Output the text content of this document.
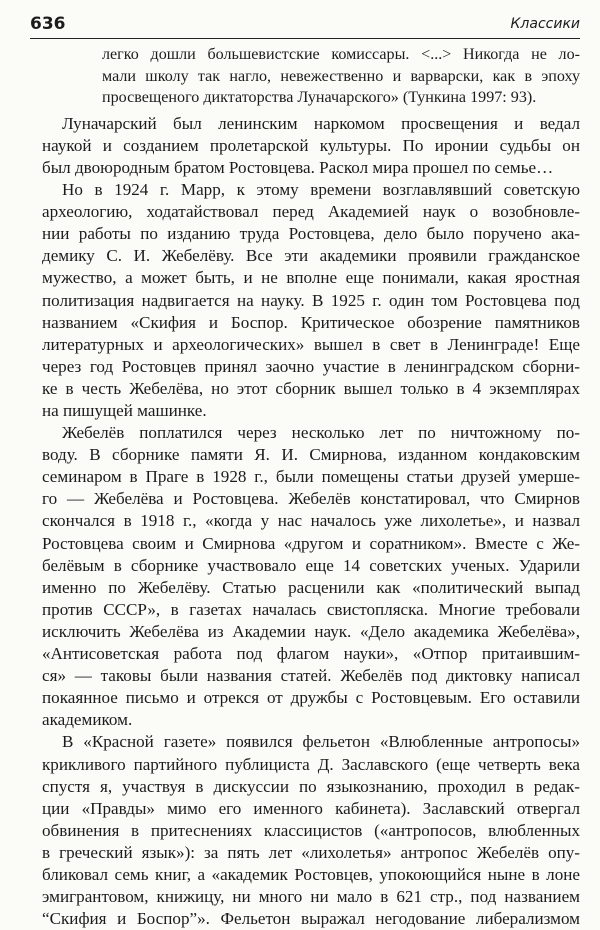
636	Классики
легко дошли большевистские комиссары. <...> Никогда не ло-
мали школу так нагло, невежественно и варварски, как в эпоху
просвещеного диктаторства Луначарского» (Тункина 1997: 93).
Луначарский был ленинским наркомом просвещения и ведал
наукой и созданием пролетарской культуры. По иронии судьбы он
был двоюродным братом Ростовцева. Раскол мира прошел по семье…
Но в 1924 г. Марр, к этому времени возглавлявший советскую
археологию, ходатайствовал перед Академией наук о возобновле-
нии работы по изданию труда Ростовцева, дело было поручено ака-
демику С. И. Жебелёву. Все эти академики проявили гражданское
мужество, а может быть, и не вполне еще понимали, какая яростная
политизация надвигается на науку. В 1925 г. один том Ростовцева под
названием «Скифия и Боспор. Критическое обозрение памятников
литературных и археологических» вышел в свет в Ленинграде! Еще
через год Ростовцев принял заочно участие в ленинградском сборни-
ке в честь Жебелёва, но этот сборник вышел только в 4 экземплярах
на пишущей машинке.
Жебелёв поплатился через несколько лет по ничтожному по-
воду. В сборнике памяти Я. И. Смирнова, изданном кондаковским
семинаром в Праге в 1928 г., были помещены статьи друзей умерше-
го — Жебелёва и Ростовцева. Жебелёв констатировал, что Смирнов
скончался в 1918 г., «когда у нас началось уже лихолетье», и назвал
Ростовцева своим и Смирнова «другом и соратником». Вместе с Же-
белёвым в сборнике участвовало еще 14 советских ученых. Ударили
именно по Жебелёву. Статью расценили как «политический выпад
против СССР», в газетах началась свистопляска. Многие требовали
исключить Жебелёва из Академии наук. «Дело академика Жебелёва»,
«Антисоветская работа под флагом науки», «Отпор притаившим-
ся» — таковы были названия статей. Жебелёв под диктовку написал
покаянное письмо и отрекся от дружбы с Ростовцевым. Его оставили
академиком.
В «Красной газете» появился фельетон «Влюбленные антропосы»
крикливого партийного публициста Д. Заславского (еще четверть века
спустя я, участвуя в дискуссии по языкознанию, проходил в редак-
ции «Правды» мимо его именного кабинета). Заславский отвергал
обвинения в притеснениях классицистов («антропосов, влюбленных
в греческий язык»): за пять лет «лихолетья» антропос Жебелёв опу-
бликовал семь книг, а «академик Ростовцев, упокоющийся ныне в лоне
эмигрантовом, книжицу, ни много ни мало в 621 стр., под названием
“Скифия и Боспор”». Фельетон выражал негодование либерализмом
